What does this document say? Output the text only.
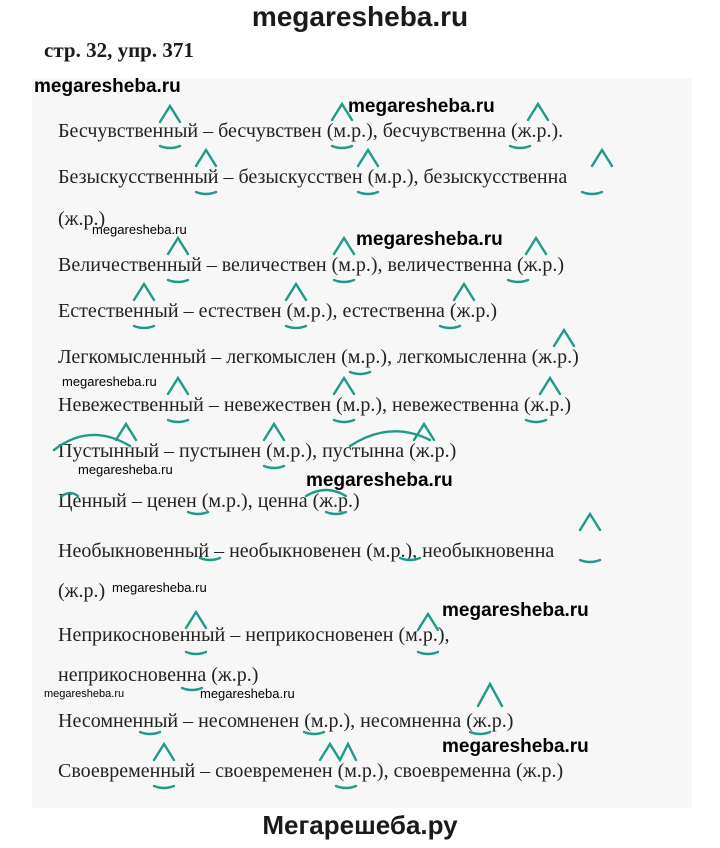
megaresheba.ru
стр. 32, упр. 371
megaresheba.ru
megaresheba.ru
megaresheba.ru	megaresheba.ru
megaresheba.ru
megaresheba.ru
megaresheba.ru
megaresheba.ru
megaresheba.ru
megaresheba.ru	megaresheba.ru
megaresheba.ru
Бесчувственный – бесчувствен (м.р.), бесчувственна (ж.р.).
Безыскусственный – безыскусствен (м.р.), безыскусственна
(ж.р.)
Величественный – величествен (м.р.), величественна (ж.р.)
Естественный – естествен (м.р.), естественна (ж.р.)
Легкомысленный – легкомыслен (м.р.), легкомысленна (ж.р.)
Невежественный – невежествен (м.р.), невежественна (ж.р.)
Пустынный – пустынен (м.р.), пустынна (ж.р.)
Ценный – ценен (м.р.), ценна (ж.р.)
Необыкновенный – необыкновенен (м.р.), необыкновенна
(ж.р.)
Неприкосновенный – неприкосновенен (м.р.),
неприкосновенна (ж.р.)
Несомненный – несомненен (м.р.), несомненна (ж.р.)
Своевременный – своевременен (м.р.), своевременна (ж.р.)
Мегарешеба.ру
